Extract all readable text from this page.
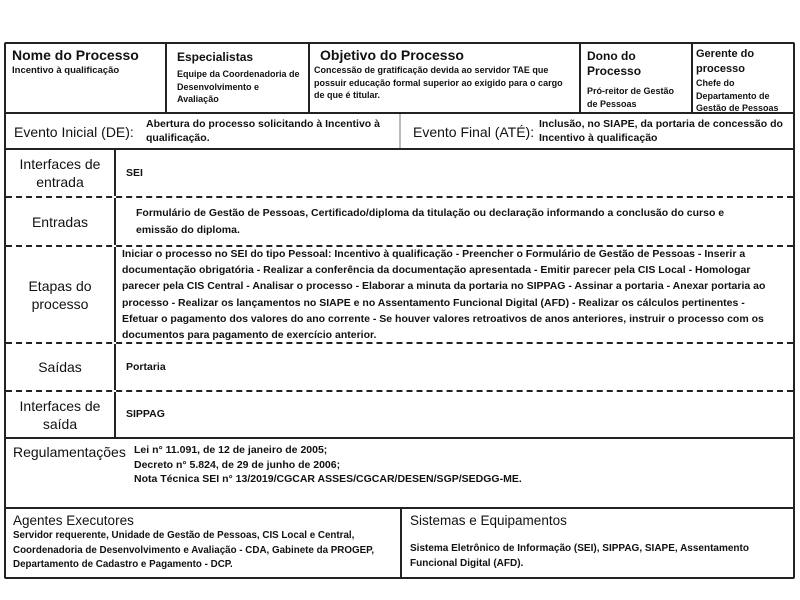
Nome do Processo
Incentivo à qualificação
Especialistas
Equipe da Coordenadoria de Desenvolvimento e Avaliação
Objetivo do Processo
Concessão de gratificação devida ao servidor TAE que possuir educação formal superior ao exigido para o cargo de que é titular.
Dono do Processo
Pró-reitor de Gestão de Pessoas
Gerente do processo
Chefe do Departamento de Gestão de Pessoas
Evento Inicial (DE): Abertura do processo solicitando à Incentivo à qualificação.	Evento Final (ATÉ): Inclusão, no SIAPE, da portaria de concessão do Incentivo à qualificação
Interfaces de entrada
SEI
Entradas
Formulário de Gestão de Pessoas, Certificado/diploma da titulação ou declaração informando a conclusão do curso e emissão do diploma.
Etapas do processo
Iniciar o processo no SEI do tipo Pessoal: Incentivo à qualificação - Preencher o Formulário de Gestão de Pessoas - Inserir a documentação obrigatória - Realizar a conferência da documentação apresentada - Emitir parecer pela CIS Local - Homologar parecer pela CIS Central - Analisar o processo - Elaborar a minuta da portaria no SIPPAG - Assinar a portaria - Anexar portaria ao processo - Realizar os lançamentos no SIAPE e no Assentamento Funcional Digital (AFD) - Realizar os cálculos pertinentes - Efetuar o pagamento dos valores do ano corrente - Se houver valores retroativos de anos anteriores, instruir o processo com os documentos para pagamento de exercício anterior.
Saídas	Portaria
Interfaces de saída
SIPPAG
Regulamentações Lei n° 11.091, de 12 de janeiro de 2005;
Decreto n° 5.824, de 29 de junho de 2006;
Nota Técnica SEI n° 13/2019/CGCAR ASSES/CGCAR/DESEN/SGP/SEDGG-ME.
Agentes Executores
Servidor requerente, Unidade de Gestão de Pessoas, CIS Local e Central, Coordenadoria de Desenvolvimento e Avaliação - CDA, Gabinete da PROGEP, Departamento de Cadastro e Pagamento - DCP.
Sistemas e Equipamentos
Sistema Eletrônico de Informação (SEI), SIPPAG, SIAPE, Assentamento Funcional Digital (AFD).
